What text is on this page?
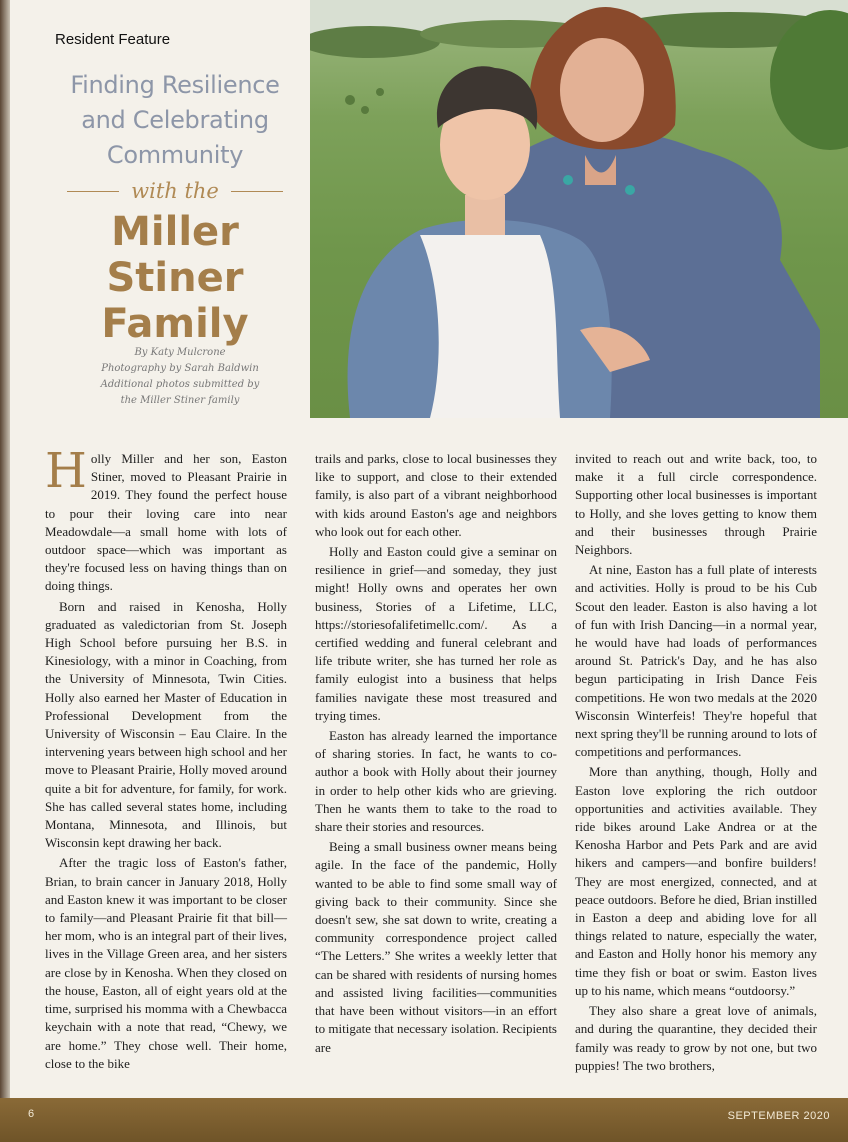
Resident Feature
Finding Resilience
and Celebrating
Community
with the
Miller
Stiner
Family
By Katy Mulcrone
Photography by Sarah Baldwin
Additional photos submitted by
the Miller Stiner family

Holly Miller and her son, Easton Stiner, moved to Pleasant Prairie in 2019. They found the perfect house to pour their loving care into near Meadowdale—a small home with lots of outdoor space—which was important as they're focused less on having things than on doing things.

Born and raised in Kenosha, Holly graduated as valedictorian from St. Joseph High School before pursuing her B.S. in Kinesiology, with a minor in Coaching, from the University of Minnesota, Twin Cities. Holly also earned her Master of Education in Professional Development from the University of Wisconsin – Eau Claire. In the intervening years between high school and her move to Pleasant Prairie, Holly moved around quite a bit for adventure, for family, for work. She has called several states home, including Montana, Minnesota, and Illinois, but Wisconsin kept drawing her back.

After the tragic loss of Easton's father, Brian, to brain cancer in January 2018, Holly and Easton knew it was important to be closer to family—and Pleasant Prairie fit that bill—her mom, who is an integral part of their lives, lives in the Village Green area, and her sisters are close by in Kenosha. When they closed on the house, Easton, all of eight years old at the time, surprised his momma with a Chewbacca keychain with a note that read, “Chewy, we are home.” They chose well. Their home, close to the bike

trails and parks, close to local businesses they like to support, and close to their extended family, is also part of a vibrant neighborhood with kids around Easton's age and neighbors who look out for each other.

Holly and Easton could give a seminar on resilience in grief—and someday, they just might! Holly owns and operates her own business, Stories of a Lifetime, LLC, https://storiesofalifetimellc.com/. As a certified wedding and funeral celebrant and life tribute writer, she has turned her role as family eulogist into a business that helps families navigate these most treasured and trying times.

Easton has already learned the importance of sharing stories. In fact, he wants to co-author a book with Holly about their journey in order to help other kids who are grieving. Then he wants them to take to the road to share their stories and resources.

Being a small business owner means being agile. In the face of the pandemic, Holly wanted to be able to find some small way of giving back to their community. Since she doesn't sew, she sat down to write, creating a community correspondence project called “The Letters.” She writes a weekly letter that can be shared with residents of nursing homes and assisted living facilities—communities that have been without visitors—in an effort to mitigate that necessary isolation. Recipients are

invited to reach out and write back, too, to make it a full circle correspondence. Supporting other local businesses is important to Holly, and she loves getting to know them and their businesses through Prairie Neighbors.

At nine, Easton has a full plate of interests and activities. Holly is proud to be his Cub Scout den leader. Easton is also having a lot of fun with Irish Dancing—in a normal year, he would have had loads of performances around St. Patrick's Day, and he has also begun participating in Irish Dance Feis competitions. He won two medals at the 2020 Wisconsin Winterfeis! They're hopeful that next spring they'll be running around to lots of competitions and performances.

More than anything, though, Holly and Easton love exploring the rich outdoor opportunities and activities available. They ride bikes around Lake Andrea or at the Kenosha Harbor and Pets Park and are avid hikers and campers—and bonfire builders! They are most energized, connected, and at peace outdoors. Before he died, Brian instilled in Easton a deep and abiding love for all things related to nature, especially the water, and Easton and Holly honor his memory any time they fish or boat or swim. Easton lives up to his name, which means “outdoorsy.”

They also share a great love of animals, and during the quarantine, they decided their family was ready to grow by not one, but two puppies! The two brothers,

6	SEPTEMBER 2020
